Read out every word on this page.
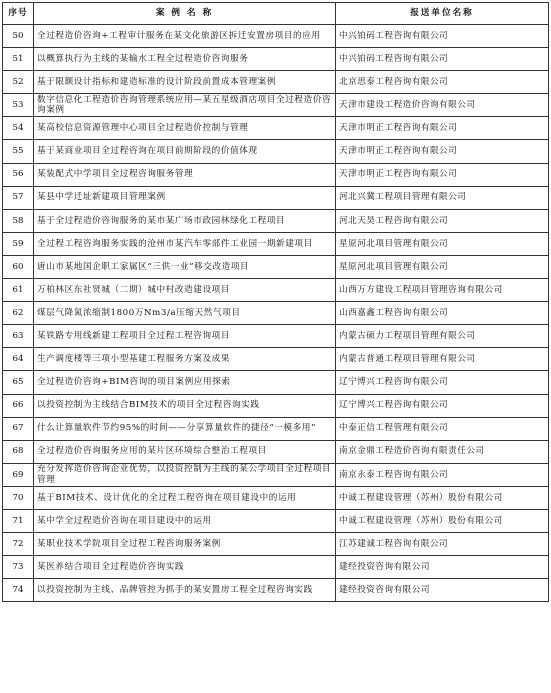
序号	案 例 名 称	报送单位名称
50	全过程造价咨询+工程审计服务在某文化旅游区拆迁安置房项目的应用	中兴铂码工程咨询有限公司
51	以概算执行为主线的某输水工程全过程造价咨询服务	中兴铂码工程咨询有限公司
52	基于限额设计指标和建造标准的设计阶段前置成本管理案例	北京思泰工程咨询有限公司
53	数字信息化工程造价咨询管理系统应用—某五星级酒店项目全过程造价咨询案例	天津市建设工程造价咨询有限公司
54	某高校信息资源管理中心项目全过程造价控制与管理	天津市明正工程咨询有限公司
55	基于某商业项目全过程咨询在项目前期阶段的价值体现	天津市明正工程咨询有限公司
56	某装配式中学项目全过程咨询服务管理	天津市明正工程咨询有限公司
57	某县中学迁址新建项目管理案例	河北兴冀工程项目管理有限公司
58	基于全过程造价咨询服务的某市某广场市政园林绿化工程项目	河北天昊工程咨询有限公司
59	全过程工程咨询服务实践的沧州市某汽车零部件工业园一期新建项目	星原河北项目管理有限公司
60	唐山市某地国企职工家属区“三供一业”移交改造项目	星原河北项目管理有限公司
61	万柏林区东社贤城（二期）城中村改造建设项目	山西万方建设工程项目管理咨询有限公司
62	煤层气降氮浓缩制1800万Nm3/a压缩天然气项目	山西嘉鑫工程咨询有限公司
63	某铁路专用线新建工程项目全过程工程咨询项目	内蒙古硕力工程项目管理有限公司
64	生产调度楼等三项小型基建工程服务方案及成果	内蒙古普通工程项目管理有限公司
65	全过程造价咨询+BIM咨询的项目案例应用探索	辽宁博兴工程咨询有限公司
66	以投资控制为主线结合BIM技术的项目全过程咨询实践	辽宁博兴工程咨询有限公司
67	什么让算量软件节约95%的时间——分享算量软件的捷径“一模多用”	中泰正信工程管理有限公司
68	全过程造价咨询服务应用的某片区环境综合整治工程项目	南京金鼎工程造价咨询有限责任公司
69	充分发挥造价咨询企业优势，以投资控制为主线的某公学项目全过程项目管理	南京永泰工程咨询有限公司
70	基于BIM技术、设计优化的全过程工程咨询在项目建设中的运用	中诚工程建设管理（苏州）股份有限公司
71	某中学全过程造价咨询在项目建设中的运用	中诚工程建设管理（苏州）股份有限公司
72	某职业技术学院项目全过程工程咨询服务案例	江苏建诚工程咨询有限公司
73	某医养结合项目全过程造价咨询实践	建经投资咨询有限公司
74	以投资控制为主线、品牌管控为抓手的某安置房工程全过程咨询实践	建经投资咨询有限公司
